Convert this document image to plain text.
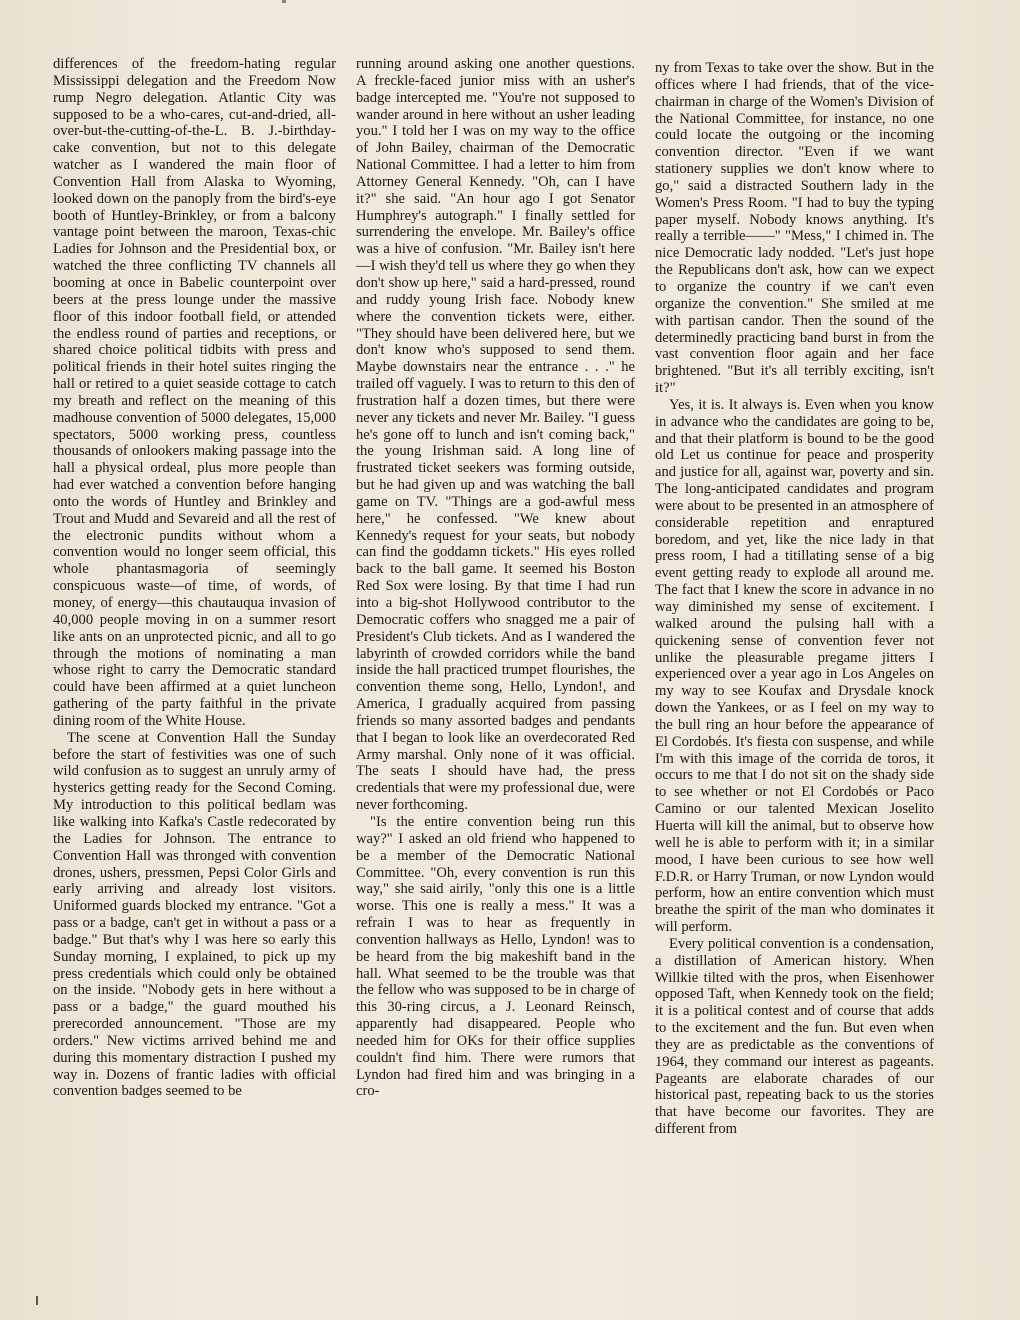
differences of the freedom-hating regular Mississippi delegation and the Freedom Now rump Negro delegation. Atlantic City was supposed to be a who-cares, cut-and-dried, all-over-but-the-cutting-of-the-L. B. J.-birthday-cake convention, but not to this delegate watcher as I wandered the main floor of Convention Hall from Alaska to Wyoming, looked down on the panoply from the bird's-eye booth of Huntley-Brinkley, or from a balcony vantage point between the maroon, Texas-chic Ladies for Johnson and the Presidential box, or watched the three conflicting TV channels all booming at once in Babelic counterpoint over beers at the press lounge under the massive floor of this indoor football field, or attended the endless round of parties and receptions, or shared choice political tidbits with press and political friends in their hotel suites ringing the hall or retired to a quiet seaside cottage to catch my breath and reflect on the meaning of this madhouse convention of 5000 delegates, 15,000 spectators, 5000 working press, countless thousands of onlookers making passage into the hall a physical ordeal, plus more people than had ever watched a convention before hanging onto the words of Huntley and Brinkley and Trout and Mudd and Sevareid and all the rest of the electronic pundits without whom a convention would no longer seem official, this whole phantasmagoria of seemingly conspicuous waste—of time, of words, of money, of energy—this chautauqua invasion of 40,000 people moving in on a summer resort like ants on an unprotected picnic, and all to go through the motions of nominating a man whose right to carry the Democratic standard could have been affirmed at a quiet luncheon gathering of the party faithful in the private dining room of the White House.

The scene at Convention Hall the Sunday before the start of festivities was one of such wild confusion as to suggest an unruly army of hysterics getting ready for the Second Coming. My introduction to this political bedlam was like walking into Kafka's Castle redecorated by the Ladies for Johnson. The entrance to Convention Hall was thronged with convention drones, ushers, pressmen, Pepsi Color Girls and early arriving and already lost visitors. Uniformed guards blocked my entrance. "Got a pass or a badge, can't get in without a pass or a badge." But that's why I was here so early this Sunday morning, I explained, to pick up my press credentials which could only be obtained on the inside. "Nobody gets in here without a pass or a badge," the guard mouthed his prerecorded announcement. "Those are my orders." New victims arrived behind me and during this momentary distraction I pushed my way in. Dozens of frantic ladies with official convention badges seemed to be

running around asking one another questions. A freckle-faced junior miss with an usher's badge intercepted me. "You're not supposed to wander around in here without an usher leading you." I told her I was on my way to the office of John Bailey, chairman of the Democratic National Committee. I had a letter to him from Attorney General Kennedy. "Oh, can I have it?" she said. "An hour ago I got Senator Humphrey's autograph." I finally settled for surrendering the envelope. Mr. Bailey's office was a hive of confusion. "Mr. Bailey isn't here—I wish they'd tell us where they go when they don't show up here," said a hard-pressed, round and ruddy young Irish face. Nobody knew where the convention tickets were, either. "They should have been delivered here, but we don't know who's supposed to send them. Maybe downstairs near the entrance . . ." he trailed off vaguely. I was to return to this den of frustration half a dozen times, but there were never any tickets and never Mr. Bailey. "I guess he's gone off to lunch and isn't coming back," the young Irishman said. A long line of frustrated ticket seekers was forming outside, but he had given up and was watching the ball game on TV. "Things are a god-awful mess here," he confessed. "We knew about Kennedy's request for your seats, but nobody can find the goddamn tickets." His eyes rolled back to the ball game. It seemed his Boston Red Sox were losing. By that time I had run into a big-shot Hollywood contributor to the Democratic coffers who snagged me a pair of President's Club tickets. And as I wandered the labyrinth of crowded corridors while the band inside the hall practiced trumpet flourishes, the convention theme song, Hello, Lyndon!, and America, I gradually acquired from passing friends so many assorted badges and pendants that I began to look like an overdecorated Red Army marshal. Only none of it was official. The seats I should have had, the press credentials that were my professional due, were never forthcoming.

"Is the entire convention being run this way?" I asked an old friend who happened to be a member of the Democratic National Committee. "Oh, every convention is run this way," she said airily, "only this one is a little worse. This one is really a mess." It was a refrain I was to hear as frequently in convention hallways as Hello, Lyndon! was to be heard from the big makeshift band in the hall. What seemed to be the trouble was that the fellow who was supposed to be in charge of this 30-ring circus, a J. Leonard Reinsch, apparently had disappeared. People who needed him for OKs for their office supplies couldn't find him. There were rumors that Lyndon had fired him and was bringing in a cro-

ny from Texas to take over the show. But in the offices where I had friends, that of the vice-chairman in charge of the Women's Division of the National Committee, for instance, no one could locate the outgoing or the incoming convention director. "Even if we want stationery supplies we don't know where to go," said a distracted Southern lady in the Women's Press Room. "I had to buy the typing paper myself. Nobody knows anything. It's really a terrible——" "Mess," I chimed in. The nice Democratic lady nodded. "Let's just hope the Republicans don't ask, how can we expect to organize the country if we can't even organize the convention." She smiled at me with partisan candor. Then the sound of the determinedly practicing band burst in from the vast convention floor again and her face brightened. "But it's all terribly exciting, isn't it?"

Yes, it is. It always is. Even when you know in advance who the candidates are going to be, and that their platform is bound to be the good old Let us continue for peace and prosperity and justice for all, against war, poverty and sin. The long-anticipated candidates and program were about to be presented in an atmosphere of considerable repetition and enraptured boredom, and yet, like the nice lady in that press room, I had a titillating sense of a big event getting ready to explode all around me. The fact that I knew the score in advance in no way diminished my sense of excitement. I walked around the pulsing hall with a quickening sense of convention fever not unlike the pleasurable pregame jitters I experienced over a year ago in Los Angeles on my way to see Koufax and Drysdale knock down the Yankees, or as I feel on my way to the bull ring an hour before the appearance of El Cordobés. It's fiesta con suspense, and while I'm with this image of the corrida de toros, it occurs to me that I do not sit on the shady side to see whether or not El Cordobés or Paco Camino or our talented Mexican Joselito Huerta will kill the animal, but to observe how well he is able to perform with it; in a similar mood, I have been curious to see how well F.D.R. or Harry Truman, or now Lyndon would perform, how an entire convention which must breathe the spirit of the man who dominates it will perform.

Every political convention is a condensation, a distillation of American history. When Willkie tilted with the pros, when Eisenhower opposed Taft, when Kennedy took on the field; it is a political contest and of course that adds to the excitement and the fun. But even when they are as predictable as the conventions of 1964, they command our interest as pageants. Pageants are elaborate charades of our historical past, repeating back to us the stories that have become our favorites. They are different from
